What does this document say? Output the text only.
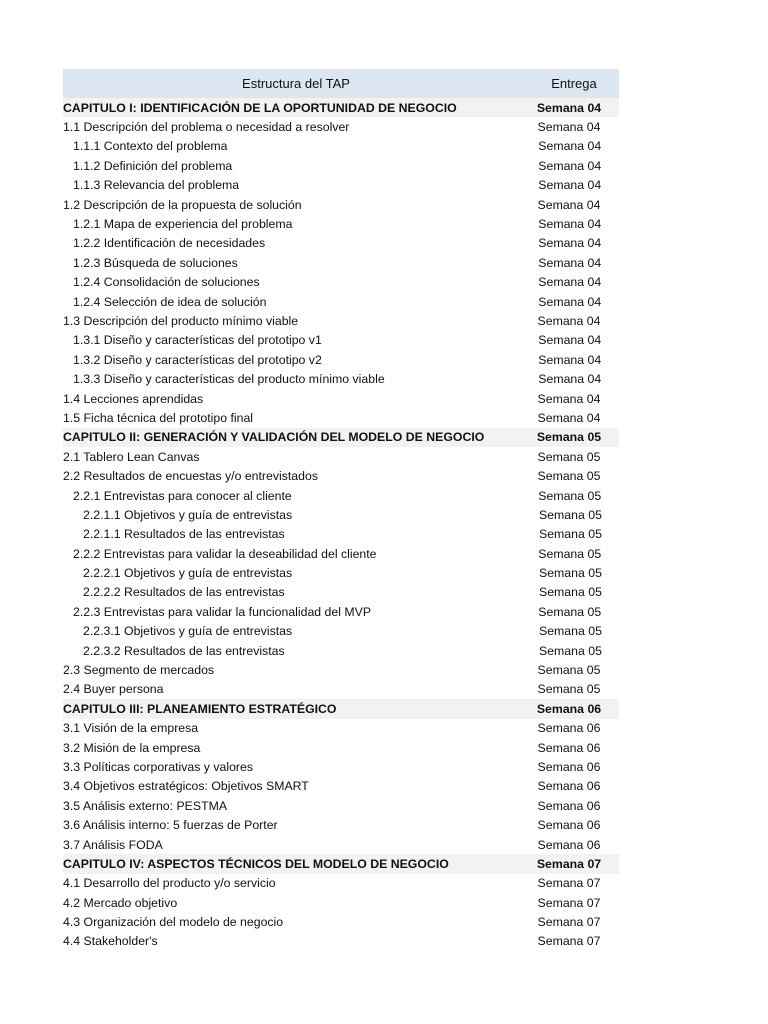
Estructura del TAP	Entrega
CAPITULO I: IDENTIFICACIÓN DE LA OPORTUNIDAD DE NEGOCIO	Semana 04
1.1 Descripción del problema o necesidad a resolver	Semana 04
1.1.1 Contexto del problema	Semana 04
1.1.2 Definición del problema	Semana 04
1.1.3 Relevancia del problema	Semana 04
1.2 Descripción de la propuesta de solución	Semana 04
1.2.1 Mapa de experiencia del problema	Semana 04
1.2.2 Identificación de necesidades	Semana 04
1.2.3 Búsqueda de soluciones	Semana 04
1.2.4 Consolidación de soluciones	Semana 04
1.2.4 Selección de idea de solución	Semana 04
1.3 Descripción del producto mínimo viable	Semana 04
1.3.1 Diseño y características del prototipo v1	Semana 04
1.3.2 Diseño y características del prototipo v2	Semana 04
1.3.3 Diseño y características del producto mínimo viable	Semana 04
1.4 Lecciones aprendidas	Semana 04
1.5 Ficha técnica del prototipo final	Semana 04
CAPITULO II: GENERACIÓN Y VALIDACIÓN DEL MODELO DE NEGOCIO	Semana 05
2.1 Tablero Lean Canvas	Semana 05
2.2 Resultados de encuestas y/o entrevistados	Semana 05
2.2.1 Entrevistas para conocer al cliente	Semana 05
2.2.1.1 Objetivos y guía de entrevistas	Semana 05
2.2.1.1 Resultados de las entrevistas	Semana 05
2.2.2 Entrevistas para validar la deseabilidad del cliente	Semana 05
2.2.2.1 Objetivos y guía de entrevistas	Semana 05
2.2.2.2 Resultados de las entrevistas	Semana 05
2.2.3 Entrevistas para validar la funcionalidad del MVP	Semana 05
2.2.3.1 Objetivos y guía de entrevistas	Semana 05
2.2.3.2 Resultados de las entrevistas	Semana 05
2.3 Segmento de mercados	Semana 05
2.4 Buyer persona	Semana 05
CAPITULO III: PLANEAMIENTO ESTRATÉGICO	Semana 06
3.1 Visión de la empresa	Semana 06
3.2 Misión de la empresa	Semana 06
3.3 Políticas corporativas y valores	Semana 06
3.4 Objetivos estratégicos: Objetivos SMART	Semana 06
3.5 Análisis externo: PESTMA	Semana 06
3.6 Análisis interno: 5 fuerzas de Porter	Semana 06
3.7 Análisis FODA	Semana 06
CAPITULO IV: ASPECTOS TÉCNICOS DEL MODELO DE NEGOCIO	Semana 07
4.1 Desarrollo del producto y/o servicio	Semana 07
4.2 Mercado objetivo	Semana 07
4.3 Organización del modelo de negocio	Semana 07
4.4 Stakeholder's	Semana 07
